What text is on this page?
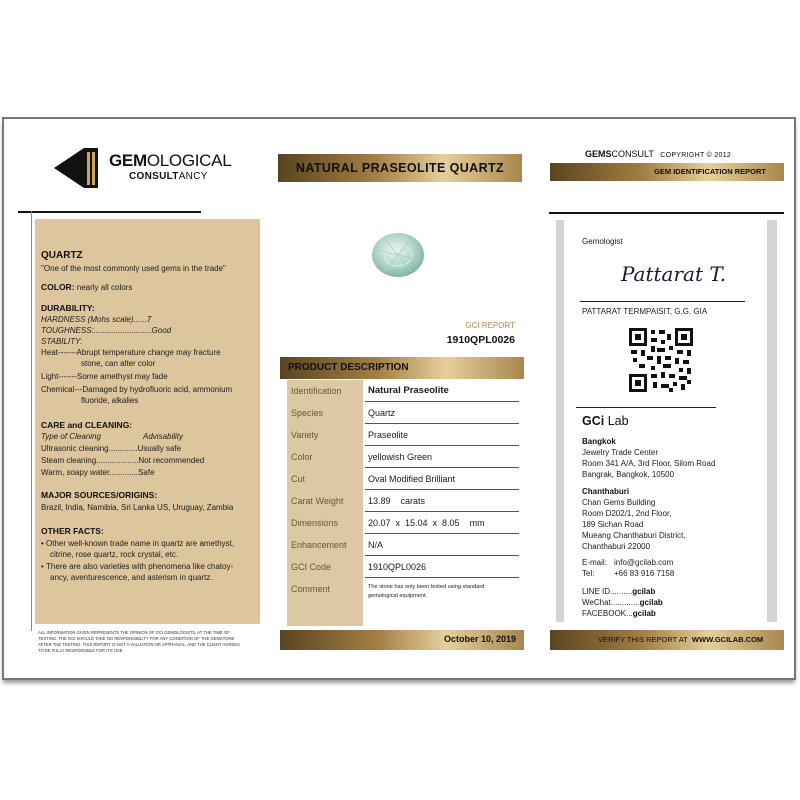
GEMOLOGICAL
CONSULTANCY
QUARTZ
"One of the most commonly used gems in the trade"
COLOR: nearly all colors
DURABILITY:
HARDNESS (Mohs scale)......7
TOUGHNESS:..........................Good
STABILITY:
Heat-------Abrupt temperature change may fracture
stone, can alter color
Light-------Some amethyst may fade
Chemical---Damaged by hydrofluoric acid, ammonium
fluoride, alkalies
CARE and CLEANING:
Type of Cleaning	Advisability
Ultrasonic cleaning.............Usually safe
Steam cleaning...................Not recommended
Warm, soapy water.............Safe
MAJOR SOURCES/ORIGINS:
Brazil, India, Namibia, Sri Lanka US, Uruguay, Zambia
OTHER FACTS:
• Other well-known trade name in quartz are amethyst,
citrine, rose quartz, rock crystal, etc.
• There are also varieties with phenomena like chatoy-
ancy, aventurescence, and asterism in quartz.
ALL INFORMATION GIVEN REPRESENTS THE OPINION OF GCI GEMOLOGISTS, AT THE TIME OF
TESTING. THE GCI SHOULD TAKE NO RESPONSIBILITY FOR ANY CONDITION OF THE GEMSTONE
AFTER THE TESTING. THIS REPORT IS NOT A VALUATION OR APPRAISAL, AND THE CLIENT AGREES
TO BE FULLY RESPONSIBLE FOR ITS USE.
NATURAL PRASEOLITE QUARTZ
GCI REPORT
1910QPL0026
PRODUCT DESCRIPTION
Identification	Natural Praseolite
Species	Quartz
Variety	Praseolite
Color	yellowish Green
Cut	Oval Modified Brilliant
Carat Weight	13.89    carats
Dimensions	20.07  x  15.04  x  8.05    mm
Enhancement	N/A
GCI Code	1910QPL0026
Comment	The stone has only been tested using standard
gemological equipment.
October 10, 2019
GEMSCONSULT COPYRIGHT © 2012
GEM IDENTIFICATION REPORT
Gemologist
Pattarat T.
PATTARAT TERMPAISIT, G.G. GIA
GCi Lab
Bangkok
Jewelry Trade Center
Room 341 A/A, 3rd Floor, Silom Road
Bangrak, Bangkok, 10500
Chanthaburi
Chan Gems Building
Room D202/1, 2nd Floor,
189 Sichan Road
Mueang Chanthaburi District,
Chanthaburi 22000
E-mail: info@gcilab.com
Tel: +66 83 916 7158
LINE ID..........gcilab
WeChat.............gcilab
FACEBOOK...gcilab
VERIFY THIS REPORT AT WWW.GCILAB.COM
